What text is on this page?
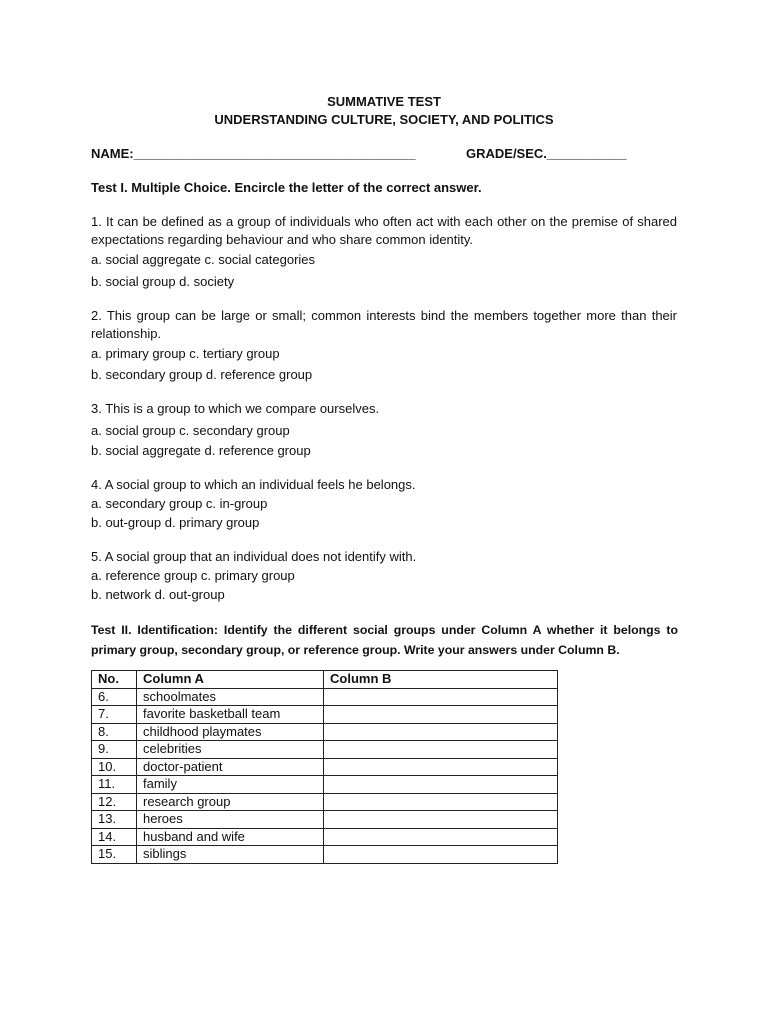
SUMMATIVE TEST
UNDERSTANDING CULTURE, SOCIETY, AND POLITICS
NAME:_______________________________________	GRADE/SEC.___________
Test I. Multiple Choice. Encircle the letter of the correct answer.
1. It can be defined as a group of individuals who often act with each other on the premise of shared expectations regarding behaviour and who share common identity.
a. social aggregate c. social categories
b. social group d. society
2. This group can be large or small; common interests bind the members together more than their relationship.
a. primary group c. tertiary group
b. secondary group d. reference group
3. This is a group to which we compare ourselves.
a. social group c. secondary group
b. social aggregate d. reference group
4. A social group to which an individual feels he belongs.
a. secondary group c. in-group
b. out-group d. primary group
5. A social group that an individual does not identify with.
a. reference group c. primary group
b. network d. out-group
Test II. Identification: Identify the different social groups under Column A whether it belongs to primary group, secondary group, or reference group. Write your answers under Column B.
No.	Column A	Column B
6.	schoolmates	
7.	favorite basketball team	
8.	childhood playmates	
9.	celebrities	
10.	doctor-patient	
11.	family	
12.	research group	
13.	heroes	
14.	husband and wife	
15.	siblings	
